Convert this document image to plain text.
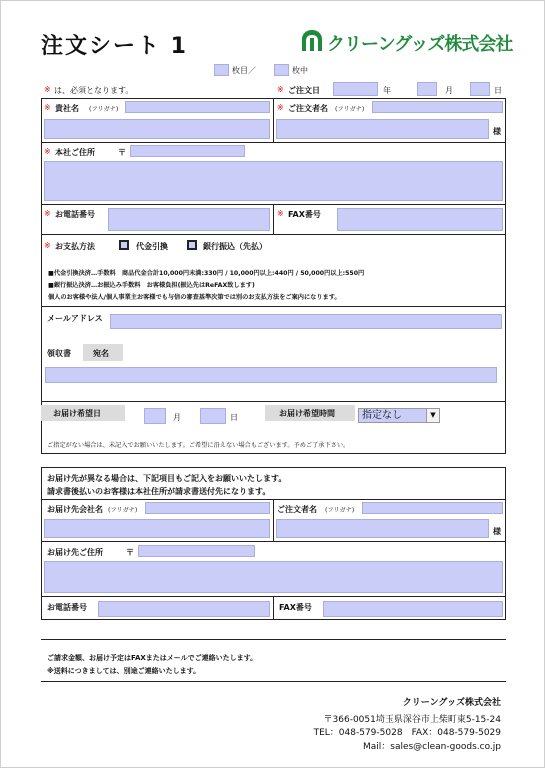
注文シート 1	クリーングッズ株式会社
枚目／	枚中
※ は、必須となります。	※ ご注文日	年	月	日
※ 貴社名 (フリガナ)	※ ご注文者名 (フリガナ)
様
※ 本社ご住所	〒
※ お電話番号	※ FAX番号
※ お支払方法	代金引換	銀行振込（先払）
■代金引換決済…手数料　商品代金合計10,000円未満:330円 / 10,000円以上:440円 / 50,000円以上:550円
■銀行振込決済…お振込み手数料　お客様負担(振込先はReFAX致します)
個人のお客様や法人/個人事業主お客様でも与信の審査基準次第では別のお支払方法をご案内になります。
メールアドレス
領収書	宛名
お届け希望日	月	日	お届け希望時間	指定なし	▼
ご指定がない場合は、未記入でお願いいたします。ご希望に沿えない場合もございます。予めご了承下さい。
お届け先が異なる場合は、下記項目もご記入をお願いいたします。
請求書後払いのお客様は本社住所が請求書送付先になります。
お届け先会社名 (フリガナ)	ご注文者名 (フリガナ)
様
お届け先ご住所	〒
お電話番号	FAX番号
ご請求金額、お届け予定はFAXまたはメールでご連絡いたします。
※送料につきましては、別途ご連絡いたします。
クリーングッズ株式会社
〒366-0051埼玉県深谷市上柴町東5-15-24
TEL：048-579-5028　FAX：048-579-5029
Mail：sales@clean-goods.co.jp
